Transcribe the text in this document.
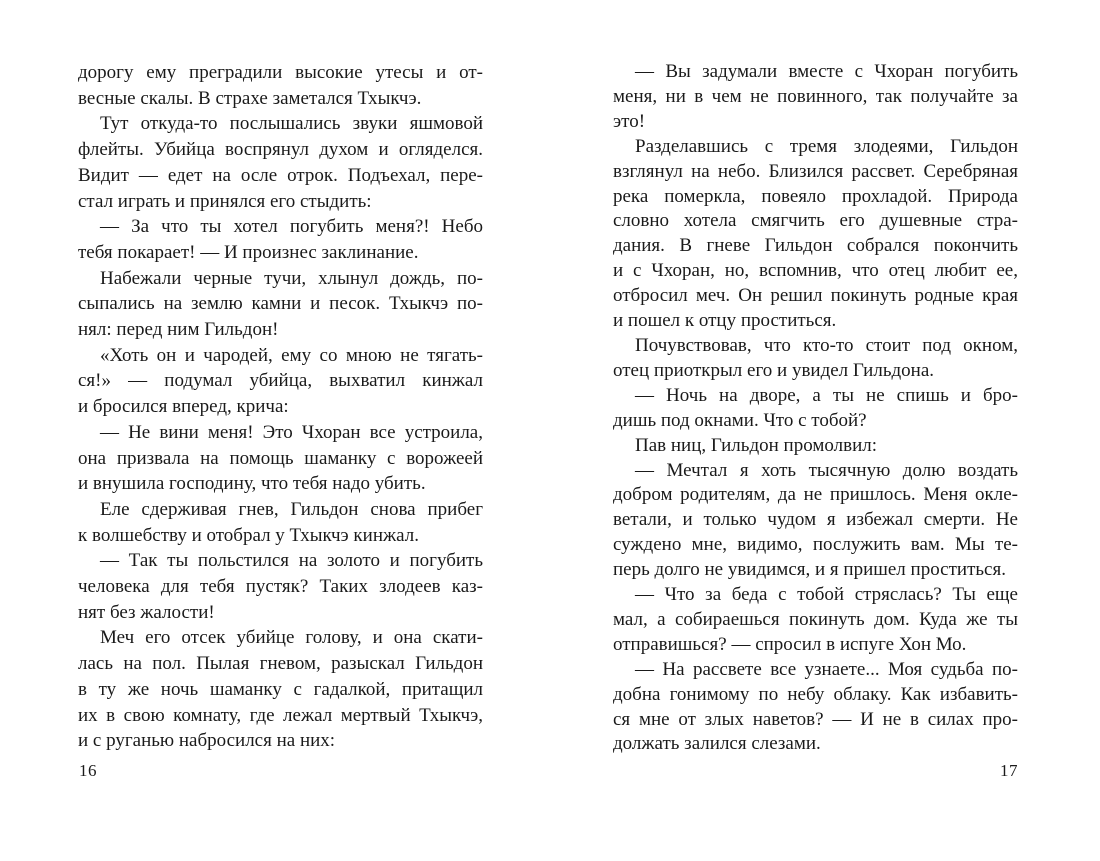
дорогу ему преградили высокие утесы и от-
весные скалы. В страхе заметался Тхыкчэ.
Тут откуда-то послышались звуки яшмовой
флейты. Убийца воспрянул духом и огляделся.
Видит — едет на осле отрок. Подъехал, пере-
стал играть и принялся его стыдить:
— За что ты хотел погубить меня?! Небо
тебя покарает! — И произнес заклинание.
Набежали черные тучи, хлынул дождь, по-
сыпались на землю камни и песок. Тхыкчэ по-
нял: перед ним Гильдон!
«Хоть он и чародей, ему со мною не тягать-
ся!» — подумал убийца, выхватил кинжал
и бросился вперед, крича:
— Не вини меня! Это Чхоран все устроила,
она призвала на помощь шаманку с ворожеей
и внушила господину, что тебя надо убить.
Еле сдерживая гнев, Гильдон снова прибег
к волшебству и отобрал у Тхыкчэ кинжал.
— Так ты польстился на золото и погубить
человека для тебя пустяк? Таких злодеев каз-
нят без жалости!
Меч его отсек убийце голову, и она скати-
лась на пол. Пылая гневом, разыскал Гильдон
в ту же ночь шаманку с гадалкой, притащил
их в свою комнату, где лежал мертвый Тхыкчэ,
и с руганью набросился на них:
16
— Вы задумали вместе с Чхоран погубить
меня, ни в чем не повинного, так получайте за
это!
Разделавшись с тремя злодеями, Гильдон
взглянул на небо. Близился рассвет. Серебряная
река померкла, повеяло прохладой. Природа
словно хотела смягчить его душевные стра-
дания. В гневе Гильдон собрался покончить
и с Чхоран, но, вспомнив, что отец любит ее,
отбросил меч. Он решил покинуть родные края
и пошел к отцу проститься.
Почувствовав, что кто-то стоит под окном,
отец приоткрыл его и увидел Гильдона.
— Ночь на дворе, а ты не спишь и бро-
дишь под окнами. Что с тобой?
Пав ниц, Гильдон промолвил:
— Мечтал я хоть тысячную долю воздать
добром родителям, да не пришлось. Меня окле-
ветали, и только чудом я избежал смерти. Не
суждено мне, видимо, послужить вам. Мы те-
перь долго не увидимся, и я пришел проститься.
— Что за беда с тобой стряслась? Ты еще
мал, а собираешься покинуть дом. Куда же ты
отправишься? — спросил в испуге Хон Мо.
— На рассвете все узнаете... Моя судьба по-
добна гонимому по небу облаку. Как избавить-
ся мне от злых наветов? — И не в силах про-
должать залился слезами.
17
